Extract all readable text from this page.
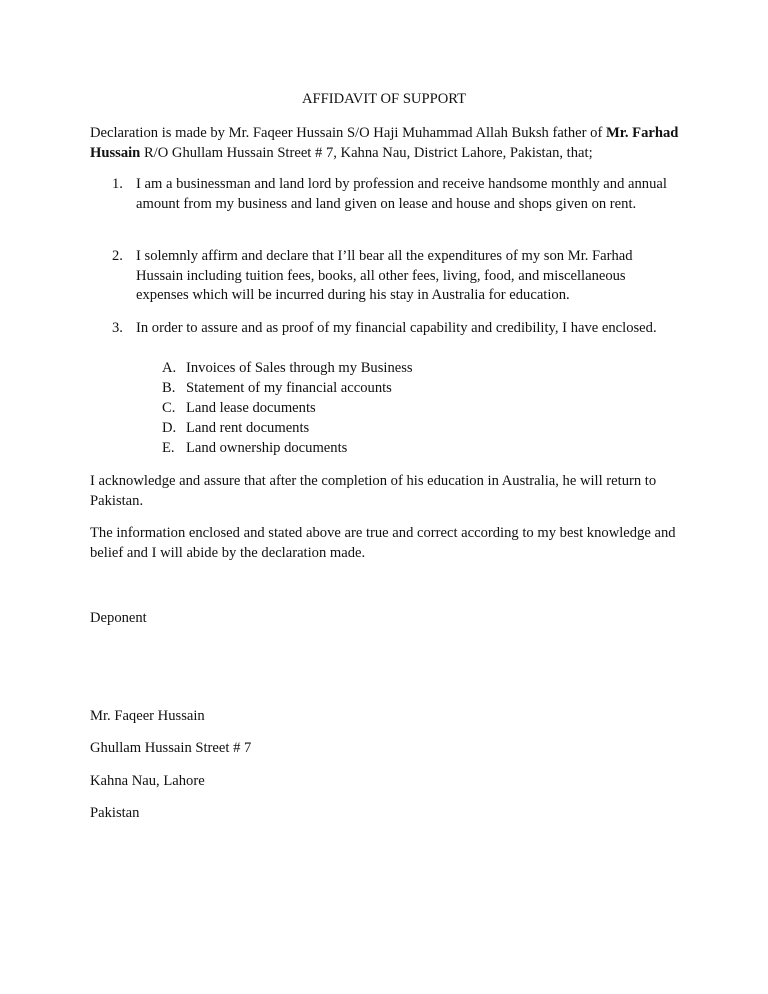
AFFIDAVIT OF SUPPORT
Declaration is made by Mr. Faqeer Hussain S/O Haji Muhammad Allah Buksh father of Mr. Farhad Hussain R/O Ghullam Hussain Street # 7, Kahna Nau, District Lahore, Pakistan, that;
1. I am a businessman and land lord by profession and receive handsome monthly and annual amount from my business and land given on lease and house and shops given on rent.
2. I solemnly affirm and declare that I’ll bear all the expenditures of my son Mr. Farhad Hussain including tuition fees, books, all other fees, living, food, and miscellaneous expenses which will be incurred during his stay in Australia for education.
3. In order to assure and as proof of my financial capability and credibility, I have enclosed.
A. Invoices of Sales through my Business
B. Statement of my financial accounts
C. Land lease documents
D. Land rent documents
E. Land ownership documents
I acknowledge and assure that after the completion of his education in Australia, he will return to Pakistan.
The information enclosed and stated above are true and correct according to my best knowledge and belief and I will abide by the declaration made.
Deponent
Mr. Faqeer Hussain
Ghullam Hussain Street # 7
Kahna Nau, Lahore
Pakistan
